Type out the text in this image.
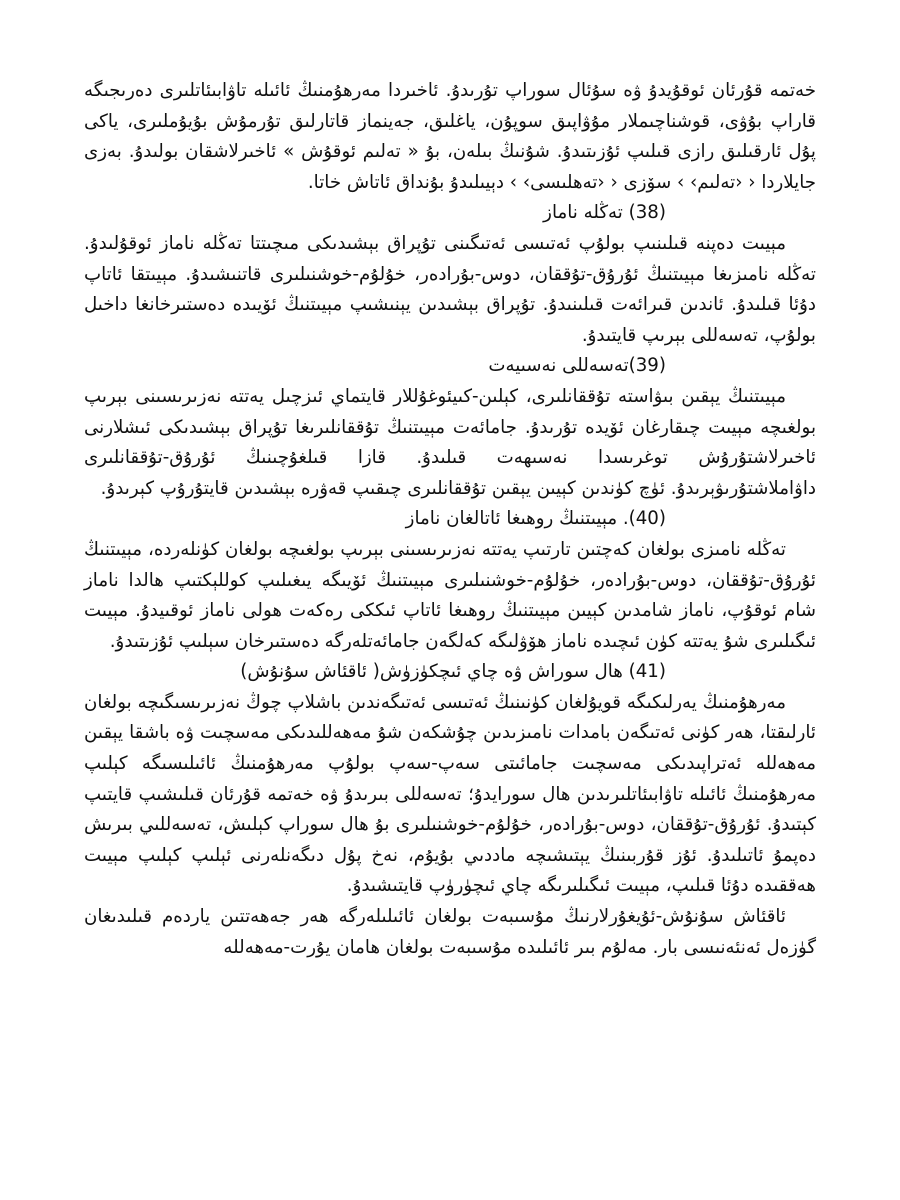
خەتمە قۇرئان ئوقۇيدۇ ۋە سۇئال سوراپ تۇرىدۇ. ئاخىردا مەرھۇمنىڭ ئائىلە تاۋابىئاتلىرى دەرىجىگە قاراپ بۇۋى، قوشناچىملار مۇۋاپىق سوپۇن، ياغلىق، جەينماز قاتارلىق تۇرمۇش بۇيۇملىرى، ياكى پۇل ئارقىلىق رازى قىلىپ ئۇزىتىدۇ. شۇنىڭ بىلەن، بۇ « تەلىم ئوقۇش » ئاخىرلاشقان بولىدۇ. بەزى جايلاردا ‹ ‹تەلىم› › سۆزى ‹ ‹تەھلىسى› › دېيىلىدۇ بۇنداق ئاتاش خاتا.

(38) تەڭلە ناماز

مېيىت دەپنە قىلىنىپ بولۇپ ئەتىسى ئەتىگىنى تۇپراق بېشىدىكى مىچىتتا تەڭلە ناماز ئوقۇلىدۇ. تەڭلە نامىزىغا مېيىتنىڭ ئۇرۇق-تۇققان، دوس-بۇرادەر، خۇلۇم-خوشنىلىرى قاتنىشىدۇ. مېيىتقا ئاتاپ دۇئا قىلىدۇ. ئاندىن قىرائەت قىلىنىدۇ. تۇپراق بېشىدىن يېنىشىپ مېيىتنىڭ ئۆيىدە دەستىرخانغا داخىل بولۇپ، تەسەللى بېرىپ قايتىدۇ.

(39)تەسەللى نەسىيەت

مېيىتنىڭ يېقىن بىۋاستە تۇققانلىرى، كېلىن-كىيئوغۇللار قايتماي ئىزچىل يەتتە نەزىرىسىنى بېرىپ بولغىچە مېيىت چىقارغان ئۆيدە تۇرىدۇ. جامائەت مېيىتنىڭ تۇققانلىرىغا تۇپراق بېشىدىكى ئىشلارنى ئاخىرلاشتۇرۇش توغرىسدا نەسىھەت قىلىدۇ. قازا قىلغۇچىنىڭ ئۇرۇق-تۇققانلىرى داۋاملاشتۇرىۋېرىدۇ. ئۈچ كۈندىن كېيىن يېقىن تۇققانلىرى چىقىپ قەۋرە بېشىدىن قايتۇرۇپ كېرىدۇ.

(40). مېيىتنىڭ روھىغا ئاتالغان ناماز

تەڭلە نامىزى بولغان كەچتىن تارتىپ يەتتە نەزىرىسىنى بېرىپ بولغىچە بولغان كۈنلەردە، مېيىتنىڭ ئۇرۇق-تۇققان، دوس-بۇرادەر، خۇلۇم-خوشنىلىرى مېيىتنىڭ ئۆيىگە يىغىلىپ كوللېكتىپ ھالدا ناماز شام ئوقۇپ، ناماز شامدىن كېيىن مېيىتنىڭ روھىغا ئاتاپ ئىككى رەكەت ھولى ناماز ئوقىيدۇ. مېيىت ئىگىلىرى شۇ يەتتە كۈن ئىچىدە ناماز ھۆۋلىگە كەلگەن جامائەتلەرگە دەستىرخان سېلىپ ئۇزىتىدۇ.

(41) ھال سوراش ۋە چاي ئىچكۈزۈش( ئاقئاش سۇنۇش)

مەرھۇمنىڭ يەرلىكىگە قويۇلغان كۈنىنىڭ ئەتىسى ئەتىگەندىن باشلاپ چوڭ نەزىرىسىگىچە بولغان ئارلىقتا، ھەر كۈنى ئەتىگەن بامدات نامىزىدىن چۇشكەن شۇ مەھەللىدىكى مەسچىت ۋە باشقا يېقىن مەھەللە ئەتراپىدىكى مەسچىت جامائىتى سەپ-سەپ بولۇپ مەرھۇمنىڭ ئائىلىسىگە كېلىپ مەرھۇمنىڭ ئائىلە تاۋابىئاتلىرىدىن ھال سورايدۇ؛ تەسەللى بىرىدۇ ۋە خەتمە قۇرئان قىلىشىپ قايتىپ كېتىدۇ. ئۇرۇق-تۇققان، دوس-بۇرادەر، خۇلۇم-خوشنىلىرى بۇ ھال سوراپ كېلىش، تەسەللىي بىرىش دەپمۇ ئاتىلىدۇ. ئۇز قۇربىنىڭ يېتىشىچە ماددىي بۇيۇم، نەخ پۇل دىگەنلەرنى ئېلىپ كېلىپ مېيىت ھەققىدە دۇئا قىلىپ، مېيىت ئىگىلىرىگە چاي ئىچۈرۈپ قايتىشىدۇ.

ئاقئاش سۇنۇش-ئۇيغۇرلارنىڭ مۇسىبەت بولغان ئائىلىلەرگە ھەر جەھەتتىن ياردەم قىلىدىغان گۈزەل ئەنئەنىسى بار. مەلۇم بىر ئائىلىدە مۇسىبەت بولغان ھامان يۇرت-مەھەللە
